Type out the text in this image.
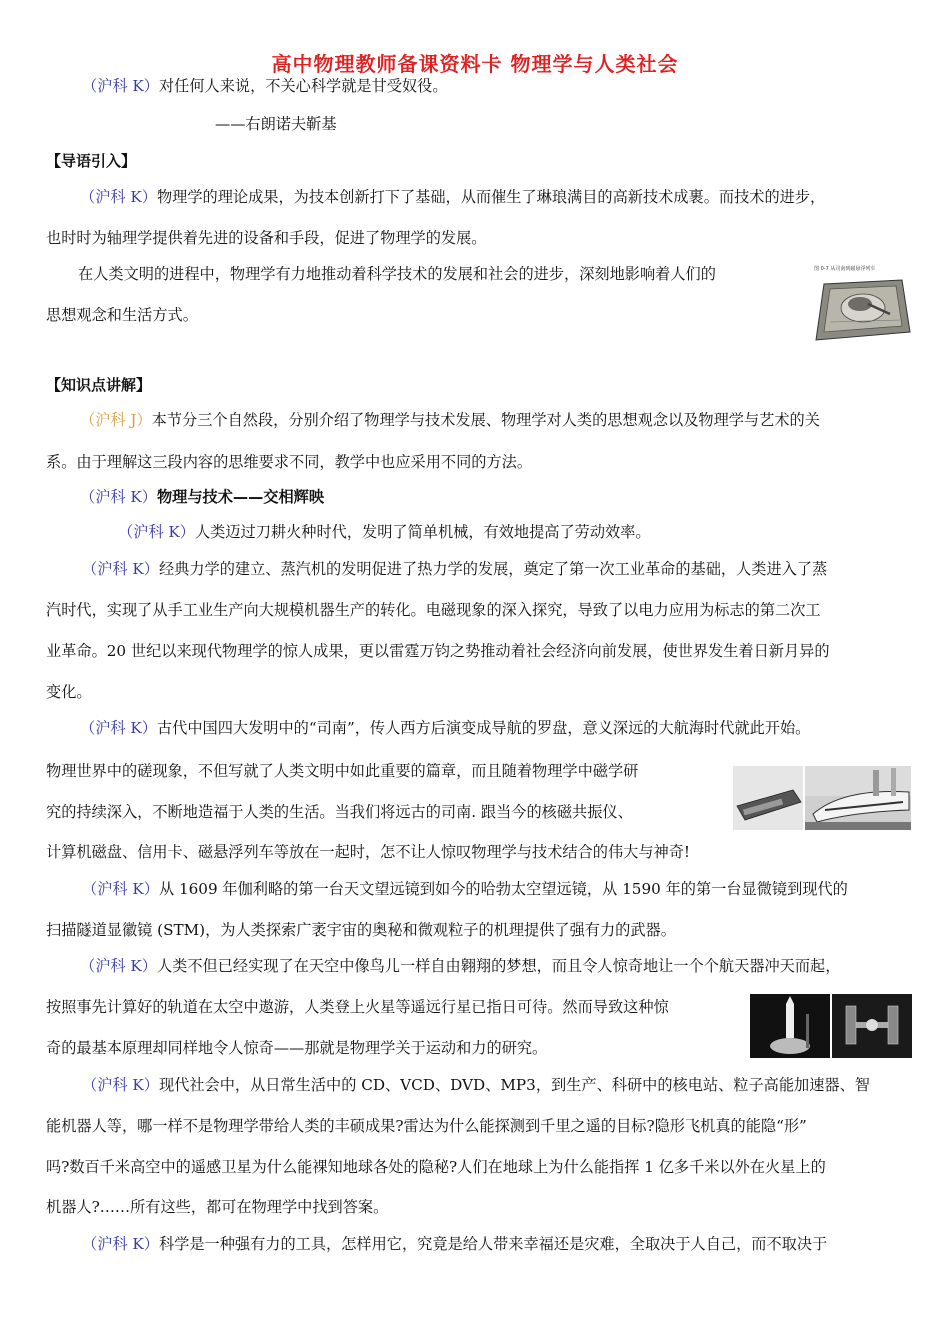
高中物理教师备课资料卡 物理学与人类社会
（沪科 K）对任何人来说，不关心科学就是甘受奴役。
——右朗诺夫靳基
【导语引入】
（沪科 K）物理学的理论成果，为技本创新打下了基础，从而催生了琳琅满目的高新技术成裹。而技术的进步，
也时时为轴理学提供着先进的设备和手段，促进了物理学的发展。
在人类文明的进程中，物理学有力地推动着科学技术的发展和社会的进步，深刻地影响着人们的
思想观念和生活方式。
图 0-7 从司南到磁悬浮列车
【知识点讲解】
（沪科 J）本节分三个自然段，分别介绍了物理学与技术发展、物理学对人类的思想观念以及物理学与艺术的关
系。由于理解这三段内容的思维要求不同，教学中也应采用不同的方法。
（沪科 K）物理与技术——交相辉映
（沪科 K）人类迈过刀耕火种时代，发明了简单机械，有效地提高了劳动效率。
（沪科 K）经典力学的建立、蒸汽机的发明促进了热力学的发展，奠定了第一次工业革命的基础，人类进入了蒸
汽时代，实现了从手工业生产向大规模机器生产的转化。电磁现象的深入探究，导致了以电力应用为标志的第二次工
业革命。20 世纪以来现代物理学的惊人成果，更以雷霆万钧之势推动着社会经济向前发展，使世界发生着日新月异的
变化。
（沪科 K）古代中国四大发明中的“司南”，传人西方后演变成导航的罗盘，意义深远的大航海时代就此开始。
物理世界中的磋现象，不但写就了人类文明中如此重要的篇章，而且随着物理学中磁学研
究的持续深入，不断地造福于人类的生活。当我们将远古的司南. 跟当今的核磁共振仪、
计算机磁盘、信用卡、磁悬浮列车等放在一起时，怎不让人惊叹物理学与技术结合的伟大与神奇!
（沪科 K）从 1609 年伽利略的第一台天文望远镜到如今的哈勃太空望远镜，从 1590 年的第一台显微镜到现代的
扫描隧道显徽镜 (STM)，为人类探索广袤宇宙的奥秘和微观粒子的机理提供了强有力的武器。
（沪科 K）人类不但已经实现了在天空中像鸟儿一样自由翱翔的梦想，而且令人惊奇地让一个个航天器冲天而起，
按照事先计算好的轨道在太空中遨游，人类登上火星等遥远行星已指日可待。然而导致这种惊
奇的最基本原理却同样地令人惊奇——那就是物理学关于运动和力的研究。
（沪科 K）现代社会中，从日常生活中的 CD、VCD、DVD、MP3，到生产、科研中的核电站、粒子高能加速器、智
能机器人等，哪一样不是物理学带给人类的丰硕成果?雷达为什么能探测到千里之遥的目标?隐形飞机真的能隐“形”
吗?数百千米高空中的遥感卫星为什么能裸知地球各处的隐秘?人们在地球上为什么能指挥 1 亿多千米以外在火星上的
机器人?……所有这些，都可在物理学中找到答案。
（沪科 K）科学是一种强有力的工具，怎样用它，究竟是给人带来幸福还是灾难，全取决于人自己，而不取决于
